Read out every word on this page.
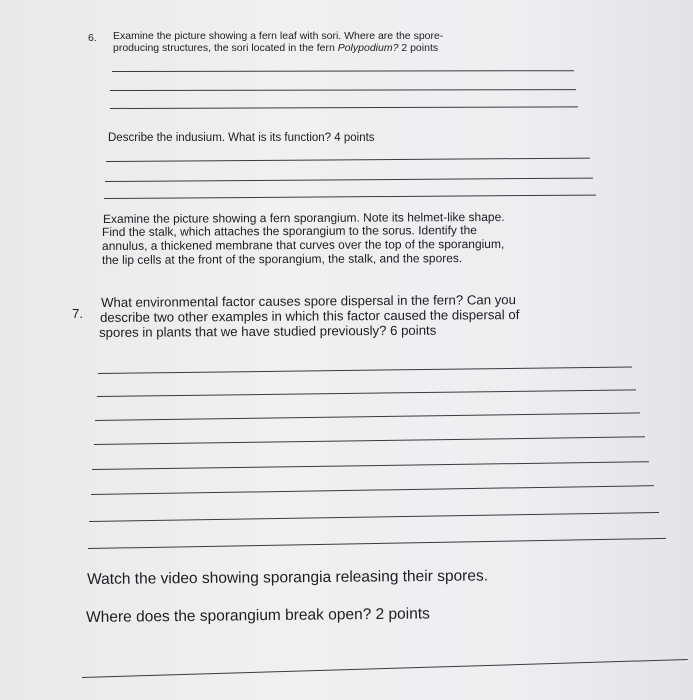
6. Examine the picture showing a fern leaf with sori. Where are the spore-
producing structures, the sori located in the fern Polypodium? 2 points
Describe the indusium. What is its function? 4 points
Examine the picture showing a fern sporangium. Note its helmet-like shape.
Find the stalk, which attaches the sporangium to the sorus. Identify the
annulus, a thickened membrane that curves over the top of the sporangium,
the lip cells at the front of the sporangium, the stalk, and the spores.
7.
What environmental factor causes spore dispersal in the fern? Can you
describe two other examples in which this factor caused the dispersal of
spores in plants that we have studied previously? 6 points
Watch the video showing sporangia releasing their spores.
Where does the sporangium break open? 2 points
